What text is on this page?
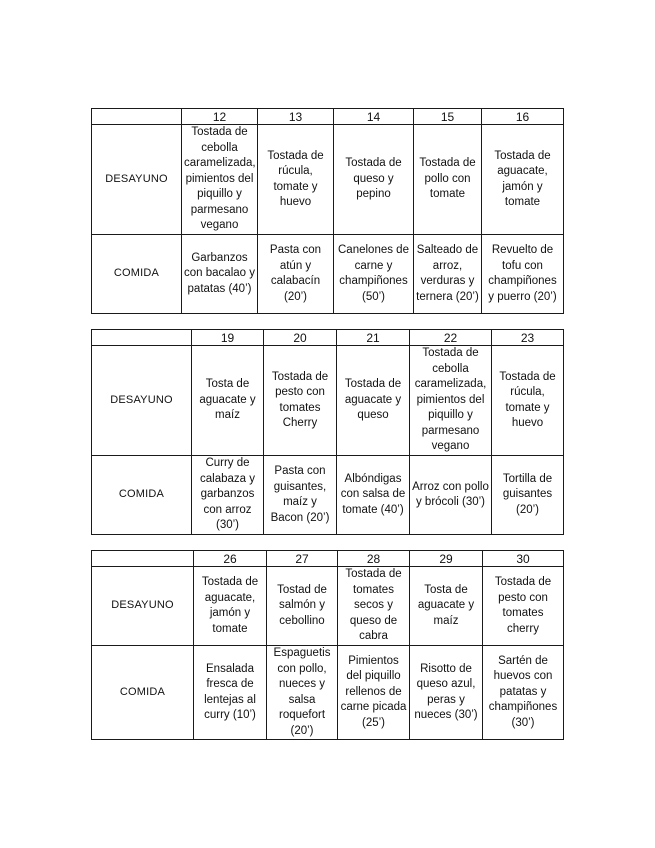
	12	13	14	15	16
DESAYUNO	Tostada de cebolla caramelizada, pimientos del piquillo y parmesano vegano	Tostada de rúcula, tomate y huevo	Tostada de queso y pepino	Tostada de pollo con tomate	Tostada de aguacate, jamón y tomate
COMIDA	Garbanzos con bacalao y patatas (40’)	Pasta con atún y calabacín (20’)	Canelones de carne y champiñones (50’)	Salteado de arroz, verduras y ternera (20’)	Revuelto de tofu con champiñones y puerro (20’)
	19	20	21	22	23
DESAYUNO	Tosta de aguacate y maíz	Tostada de pesto con tomates Cherry	Tostada de aguacate y queso	Tostada de cebolla caramelizada, pimientos del piquillo y parmesano vegano	Tostada de rúcula, tomate y huevo
COMIDA	Curry de calabaza y garbanzos con arroz (30’)	Pasta con guisantes, maíz y Bacon (20’)	Albóndigas con salsa de tomate (40’)	Arroz con pollo y brócoli (30’)	Tortilla de guisantes (20’)
	26	27	28	29	30
DESAYUNO	Tostada de aguacate, jamón y tomate	Tostad de salmón y cebollino	Tostada de tomates secos y queso de cabra	Tosta de aguacate y maíz	Tostada de pesto con tomates cherry
COMIDA	Ensalada fresca de lentejas al curry (10’)	Espaguetis con pollo, nueces y salsa roquefort (20’)	Pimientos del piquillo rellenos de carne picada (25’)	Risotto de queso azul, peras y nueces (30’)	Sartén de huevos con patatas y champiñones (30’)
